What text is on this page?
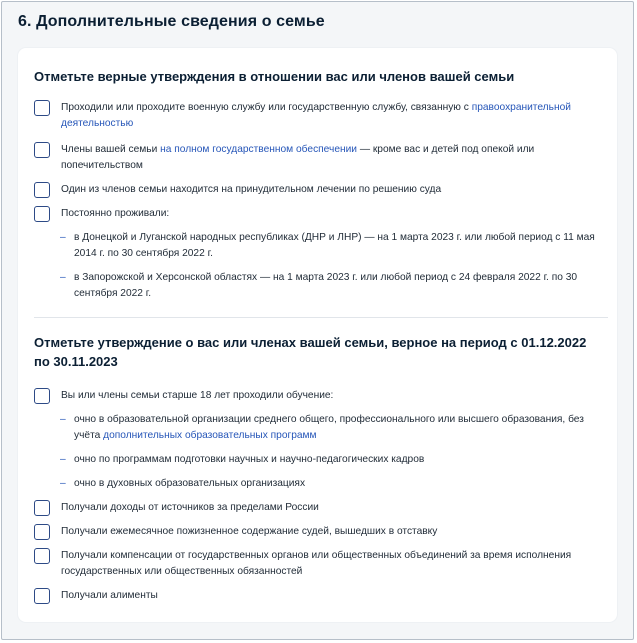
6. Дополнительные сведения о семье
Отметьте верные утверждения в отношении вас или членов вашей семьи
Проходили или проходите военную службу или государственную службу, связанную с правоохранительной деятельностью
Члены вашей семьи на полном государственном обеспечении — кроме вас и детей под опекой или попечительством
Один из членов семьи находится на принудительном лечении по решению суда
Постоянно проживали:
– в Донецкой и Луганской народных республиках (ДНР и ЛНР) — на 1 марта 2023 г. или любой период с 11 мая 2014 г. по 30 сентября 2022 г.
– в Запорожской и Херсонской областях — на 1 марта 2023 г. или любой период с 24 февраля 2022 г. по 30 сентября 2022 г.
Отметьте утверждение о вас или членах вашей семьи, верное на период с 01.12.2022 по 30.11.2023
Вы или члены семьи старше 18 лет проходили обучение:
– очно в образовательной организации среднего общего, профессионального или высшего образования, без учёта дополнительных образовательных программ
– очно по программам подготовки научных и научно-педагогических кадров
– очно в духовных образовательных организациях
Получали доходы от источников за пределами России
Получали ежемесячное пожизненное содержание судей, вышедших в отставку
Получали компенсации от государственных органов или общественных объединений за время исполнения государственных или общественных обязанностей
Получали алименты
